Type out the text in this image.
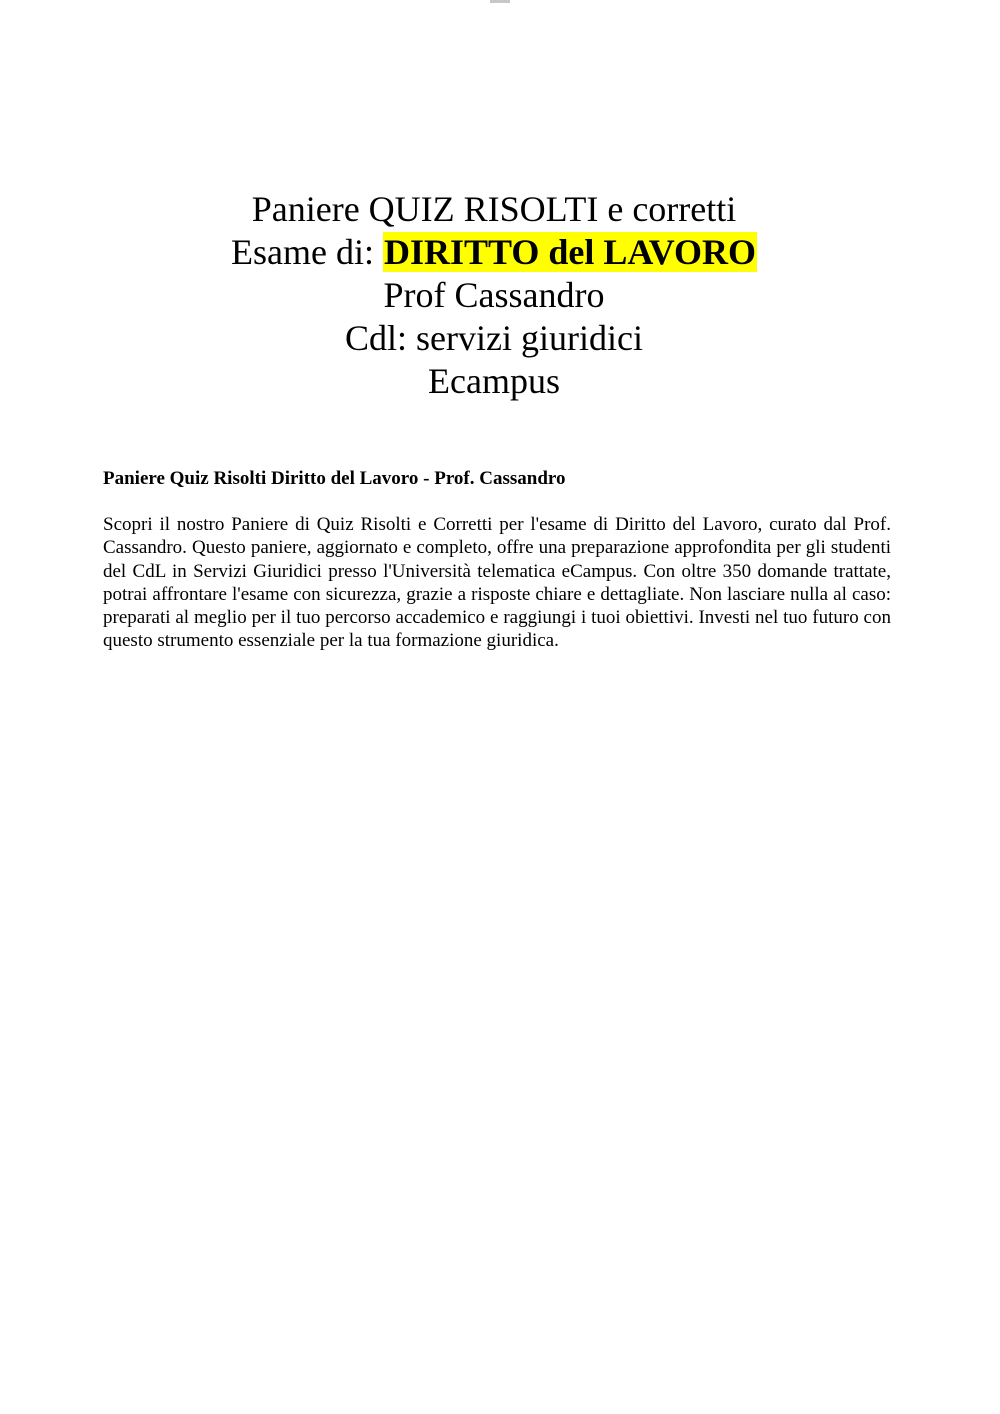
Paniere QUIZ RISOLTI e corretti
Esame di: DIRITTO del LAVORO
Prof Cassandro
Cdl: servizi giuridici
Ecampus
Paniere Quiz Risolti Diritto del Lavoro - Prof. Cassandro
Scopri il nostro Paniere di Quiz Risolti e Corretti per l'esame di Diritto del Lavoro, curato dal Prof. Cassandro. Questo paniere, aggiornato e completo, offre una preparazione approfondita per gli studenti del CdL in Servizi Giuridici presso l'Università telematica eCampus. Con oltre 350 domande trattate, potrai affrontare l'esame con sicurezza, grazie a risposte chiare e dettagliate. Non lasciare nulla al caso: preparati al meglio per il tuo percorso accademico e raggiungi i tuoi obiettivi. Investi nel tuo futuro con questo strumento essenziale per la tua formazione giuridica.
